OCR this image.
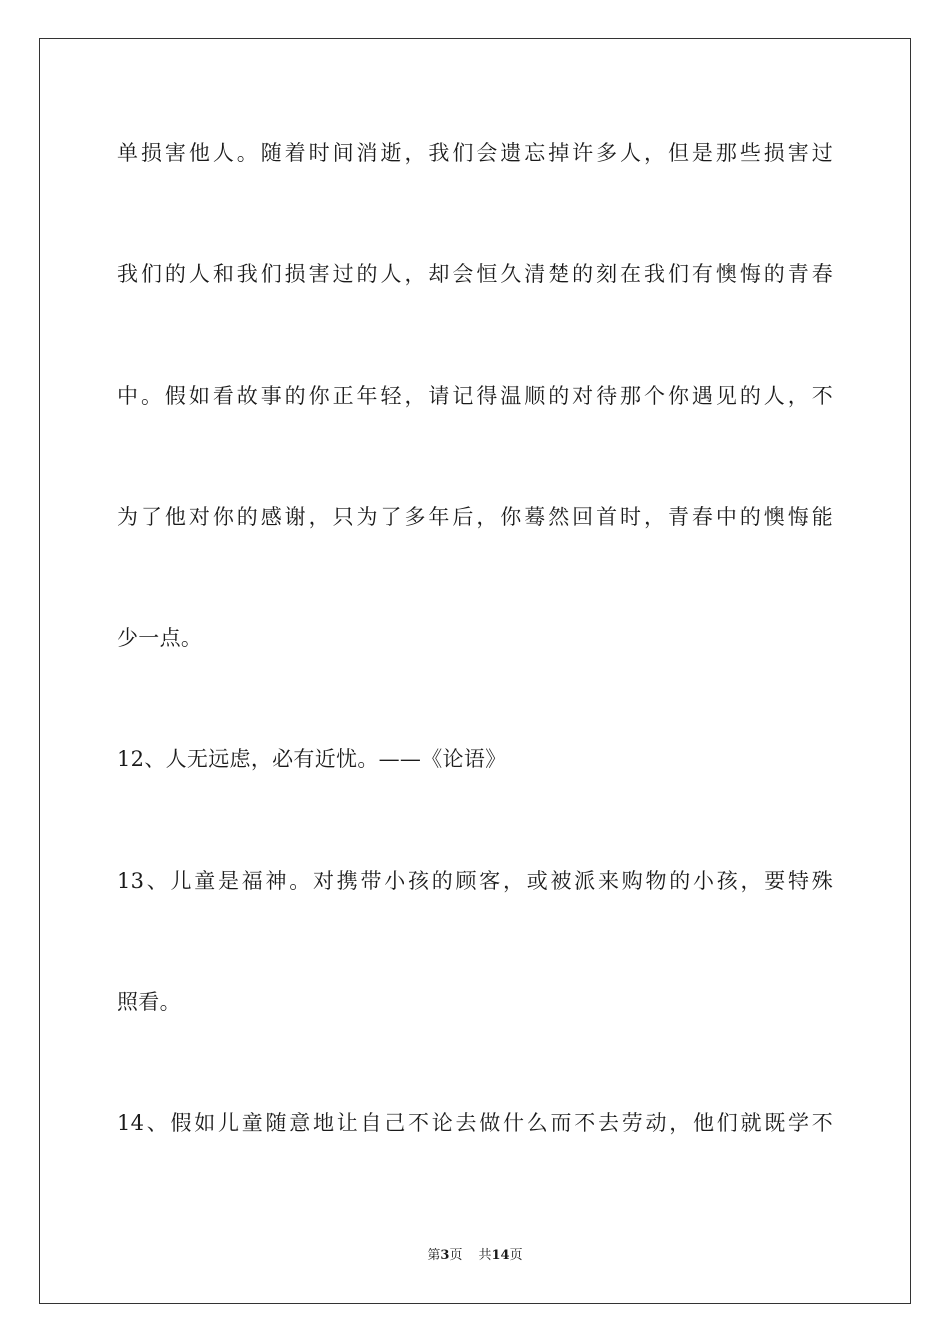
单损害他人。随着时间消逝，我们会遗忘掉许多人，但是那些损害过
我们的人和我们损害过的人，却会恒久清楚的刻在我们有懊悔的青春
中。假如看故事的你正年轻，请记得温顺的对待那个你遇见的人，不
为了他对你的感谢，只为了多年后，你蓦然回首时，青春中的懊悔能
少一点。
12、人无远虑，必有近忧。——《论语》
13、儿童是福神。对携带小孩的顾客，或被派来购物的小孩，要特殊
照看。
14、假如儿童随意地让自己不论去做什么而不去劳动，他们就既学不
第3页 共14页
